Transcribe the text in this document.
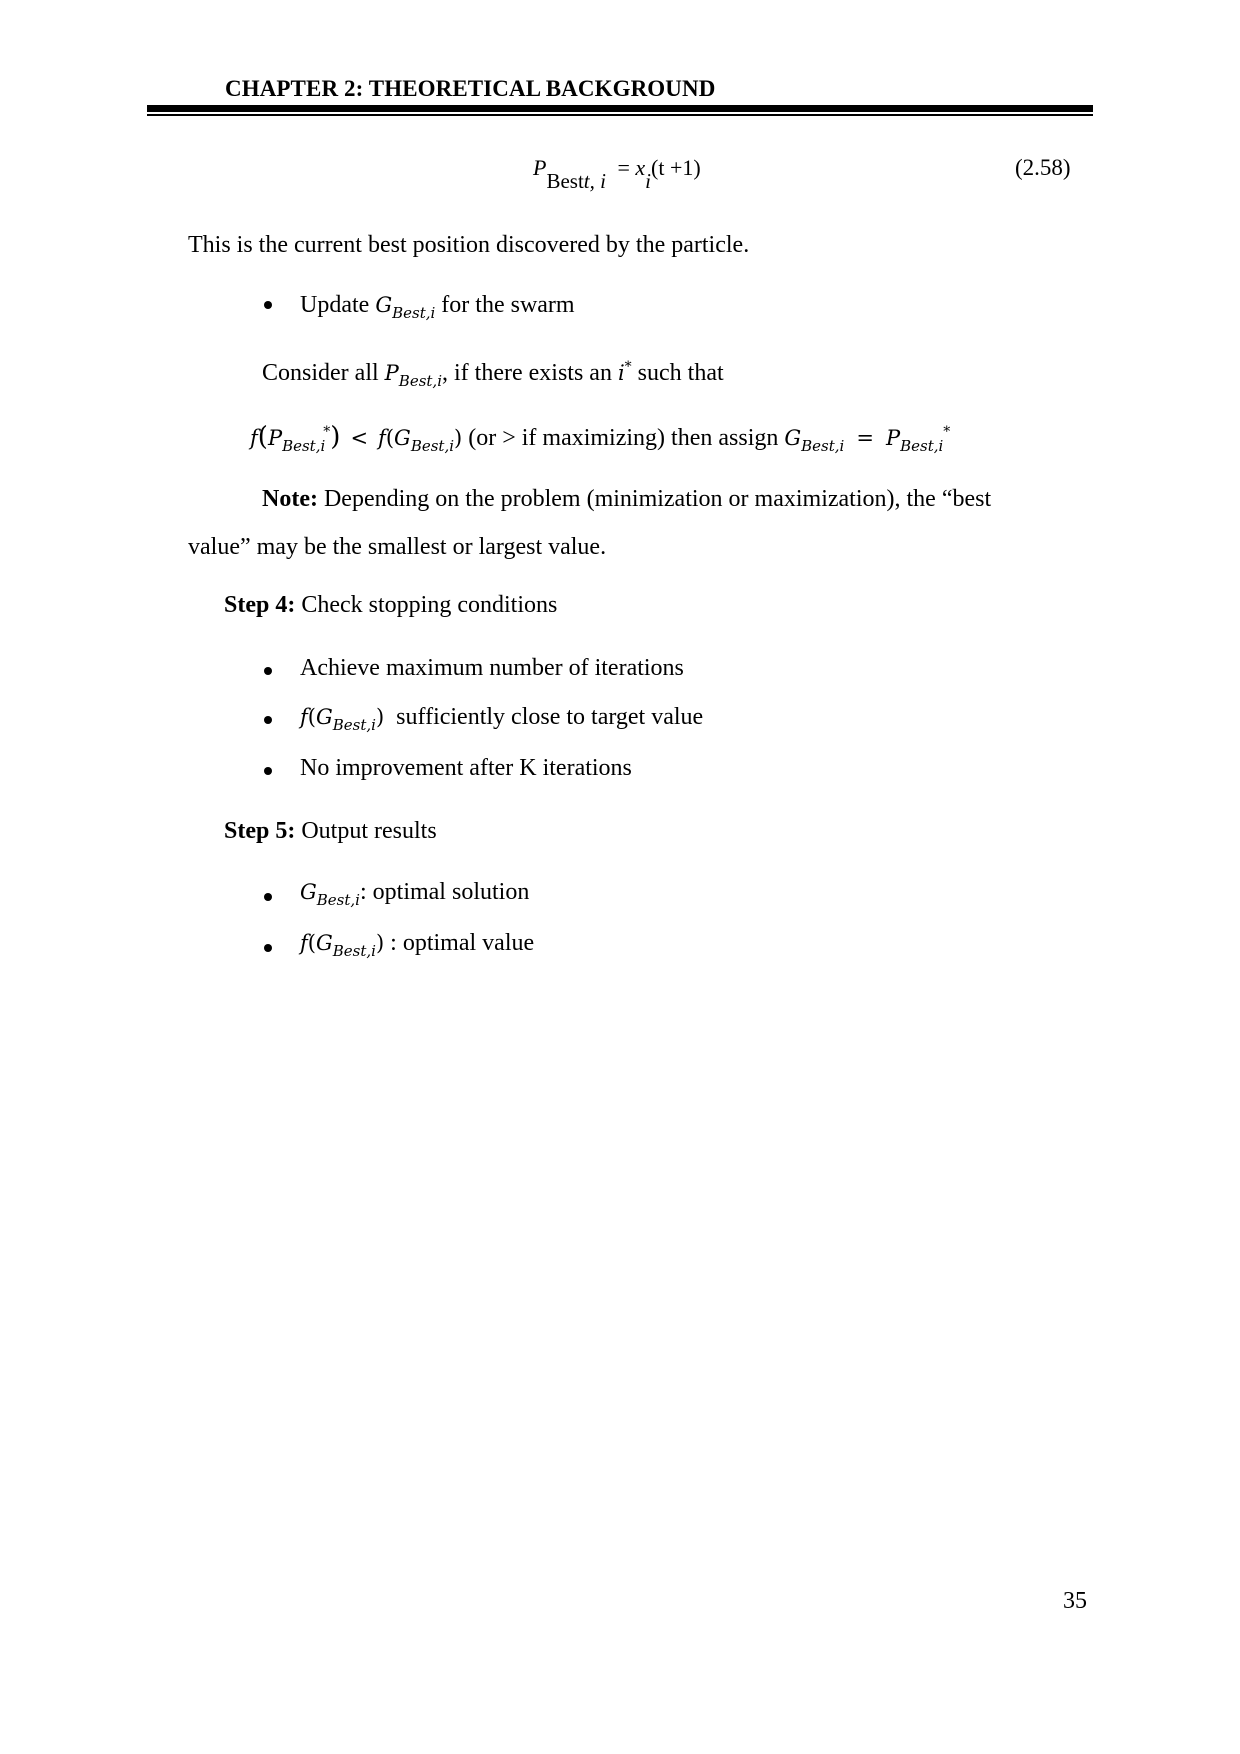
CHAPTER 2: THEORETICAL BACKGROUND
PBestt, i = xi(t +1)	(2.58)
This is the current best position discovered by the particle.
Update $G_{Best,i}$ for the swarm
Consider all $P_{Best,i}$, if there exists an i* such that
$f(P_{Best,i}^*) < f(G_{Best,i}) (or$ > if maximizing) then assign $G_{Best,i} = P_{Best,i}^*$
Note: Depending on the problem (minimization or maximization), the “best
value” may be the smallest or largest value.
Step 4: Check stopping conditions
Achieve maximum number of iterations
$f(G_{Best,i})$ sufficiently close to target value
No improvement after K iterations
Step 5: Output results
$G_{Best,i}$: optimal solution
$f(G_{Best,i})$ : optimal value
35
